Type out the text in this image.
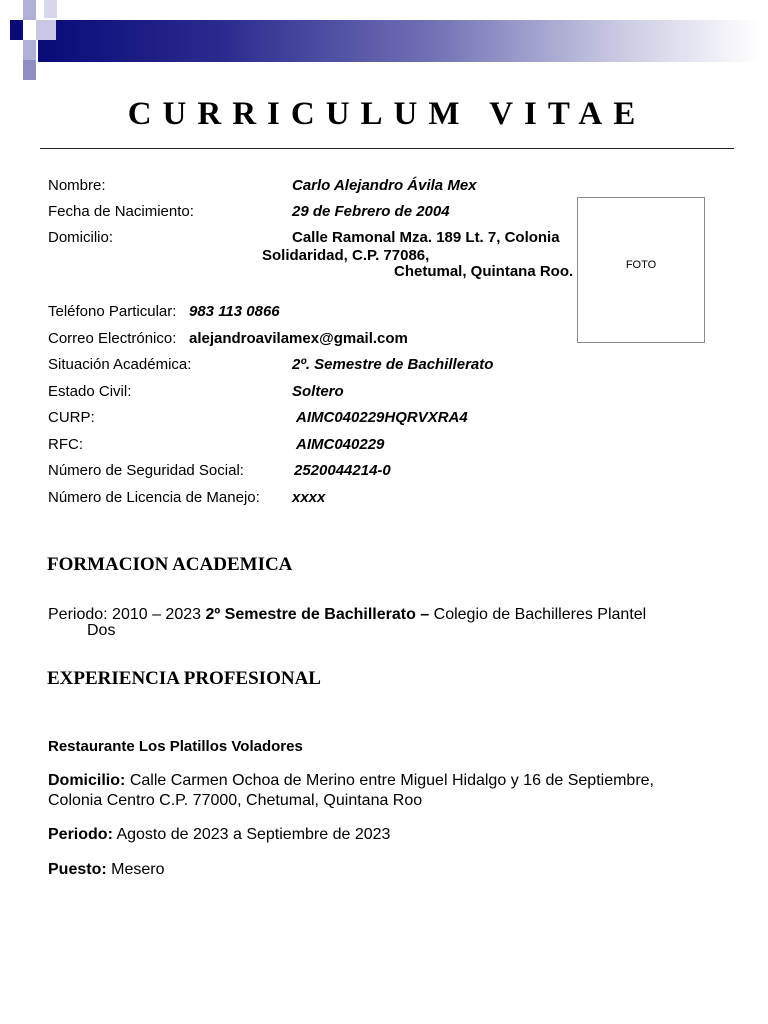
CURRICULUM VITAE
Nombre:	Carlo Alejandro Ávila Mex
Fecha de Nacimiento:	29 de Febrero de 2004
Domicilio:	Calle Ramonal Mza. 189 Lt. 7, Colonia
Solidaridad, C.P. 77086,
Chetumal, Quintana Roo.
Teléfono Particular: 983 113 0866
Correo Electrónico: alejandroavilamex@gmail.com
Situación Académica:	2º. Semestre de Bachillerato
Estado Civil:	Soltero
CURP:	AIMC040229HQRVXRA4
RFC:	AIMC040229
Número de Seguridad Social:	2520044214-0
Número de Licencia de Manejo: xxxx
FOTO
FORMACION ACADEMICA
Periodo: 2010 – 2023 2º Semestre de Bachillerato – Colegio de Bachilleres Plantel
Dos
EXPERIENCIA PROFESIONAL
Restaurante Los Platillos Voladores
Domicilio: Calle Carmen Ochoa de Merino entre Miguel Hidalgo y 16 de Septiembre, Colonia Centro C.P. 77000, Chetumal, Quintana Roo
Periodo: Agosto de 2023 a Septiembre de 2023
Puesto: Mesero
